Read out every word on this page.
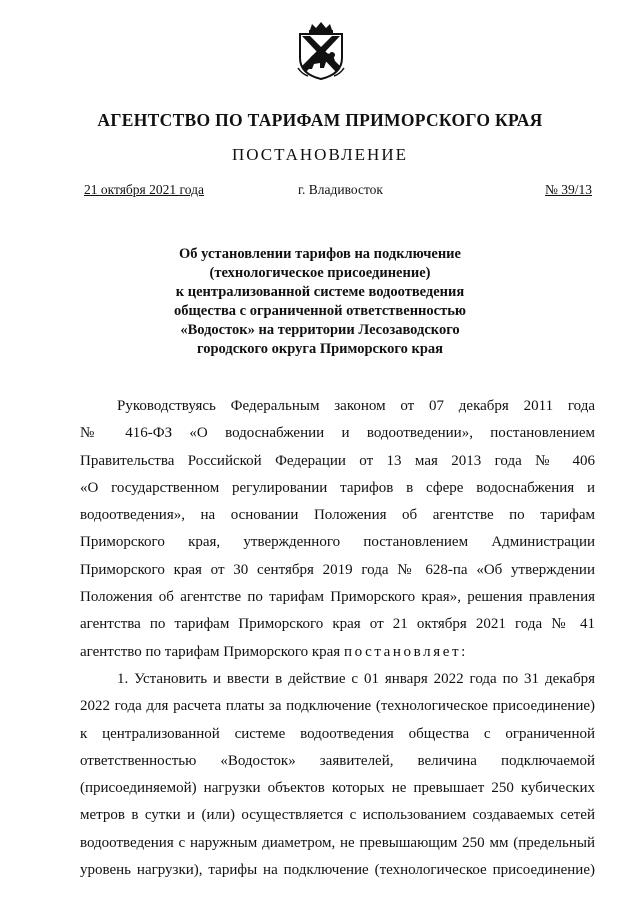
АГЕНТСТВО ПО ТАРИФАМ ПРИМОРСКОГО КРАЯ
ПОСТАНОВЛЕНИЕ
21 октября 2021 года	г. Владивосток	№ 39/13
Об установлении тарифов на подключение
(технологическое присоединение)
к централизованной системе водоотведения
общества с ограниченной ответственностью
«Водосток» на территории Лесозаводского
городского округа Приморского края
Руководствуясь Федеральным законом от 07 декабря 2011 года
№ 416-ФЗ «О водоснабжении и водоотведении», постановлением
Правительства Российской Федерации от 13 мая 2013 года № 406
«О государственном регулировании тарифов в сфере водоснабжения и
водоотведения», на основании Положения об агентстве по тарифам
Приморского края, утвержденного постановлением Администрации
Приморского края от 30 сентября 2019 года № 628-па «Об утверждении
Положения об агентстве по тарифам Приморского края», решения правления
агентства по тарифам Приморского края от 21 октября 2021 года № 41
агентство по тарифам Приморского края постановляет:
1. Установить и ввести в действие с 01 января 2022 года по 31 декабря
2022 года для расчета платы за подключение (технологическое присоединение)
к централизованной системе водоотведения общества с ограниченной
ответственностью «Водосток» заявителей, величина подключаемой
(присоединяемой) нагрузки объектов которых не превышает 250 кубических
метров в сутки и (или) осуществляется с использованием создаваемых сетей
водоотведения с наружным диаметром, не превышающим 250 мм (предельный
уровень нагрузки), тарифы на подключение (технологическое присоединение)
